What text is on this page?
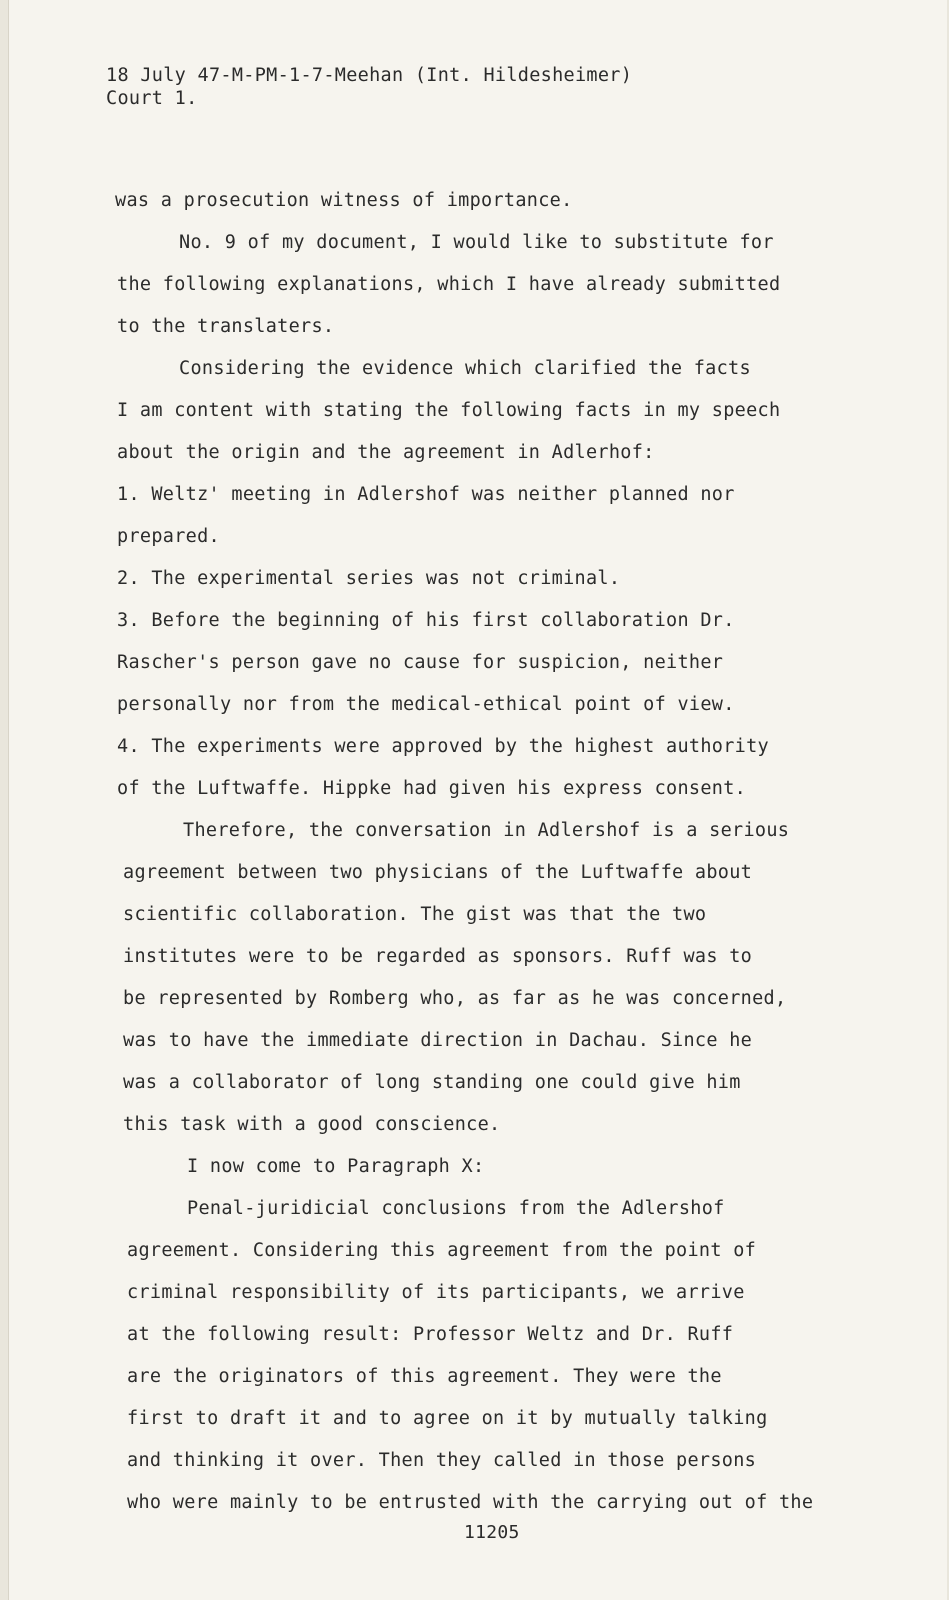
18 July 47-M-PM-1-7-Meehan (Int. Hildesheimer)
Court 1.
was a prosecution witness of importance.
No. 9 of my document, I would like to substitute for
the following explanations, which I have already submitted
to the translaters.
Considering the evidence which clarified the facts
I am content with stating the following facts in my speech
about the origin and the agreement in Adlerhof:
1. Weltz' meeting in Adlershof was neither planned nor
prepared.
2. The experimental series was not criminal.
3. Before the beginning of his first collaboration Dr.
Rascher's person gave no cause for suspicion, neither
personally nor from the medical-ethical point of view.
4. The experiments were approved by the highest authority
of the Luftwaffe. Hippke had given his express consent.
Therefore, the conversation in Adlershof is a serious
agreement between two physicians of the Luftwaffe about
scientific collaboration. The gist was that the two
institutes were to be regarded as sponsors. Ruff was to
be represented by Romberg who, as far as he was concerned,
was to have the immediate direction in Dachau. Since he
was a collaborator of long standing one could give him
this task with a good conscience.
I now come to Paragraph X:
Penal-juridicial conclusions from the Adlershof
agreement. Considering this agreement from the point of
criminal responsibility of its participants, we arrive
at the following result: Professor Weltz and Dr. Ruff
are the originators of this agreement. They were the
first to draft it and to agree on it by mutually talking
and thinking it over. Then they called in those persons
who were mainly to be entrusted with the carrying out of the
11205
